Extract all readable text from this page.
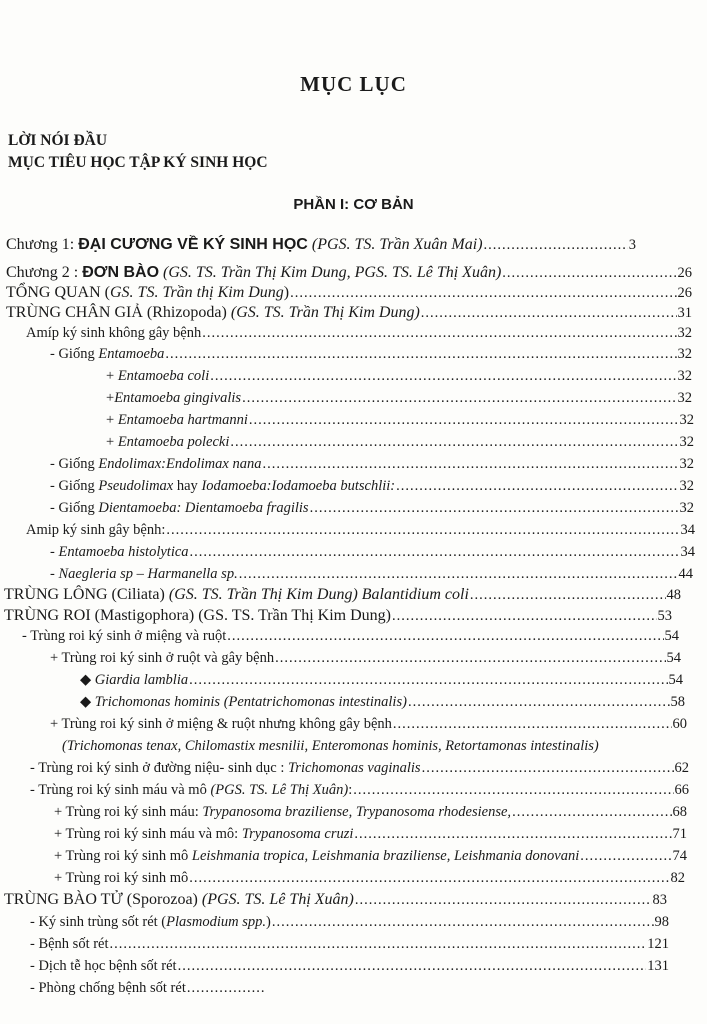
MỤC LỤC
LỜI NÓI ĐẦU
MỤC TIÊU HỌC TẬP KÝ SINH HỌC
PHẦN I: CƠ BẢN
Chương 1: ĐẠI CƯƠNG VỀ KÝ SINH HỌC (PGS. TS. Trần Xuân Mai) .....	3
Chương 2 : ĐƠN BÀO (GS. TS. Trần Thị Kim Dung, PGS. TS. Lê Thị Xuân) .....	26
TỔNG QUAN (GS. TS. Trần thị Kim Dung) .....	26
TRÙNG CHÂN GIẢ (Rhizopoda) (GS. TS. Trần Thị Kim Dung) .....	31
Amíp ký sinh không gây bệnh .....	32
- Giống Entamoeba .....	32
+ Entamoeba coli .....	32
+Entamoeba gingivalis .....	32
+ Entamoeba hartmanni .....	32
+ Entamoeba polecki .....	32
- Giống Endolimax:Endolimax nana .....	32
- Giống Pseudolimax hay Iodamoeba:Iodamoeba butschlii: .....	32
- Giống Dientamoeba: Dientamoeba fragilis .....	32
Amip ký sinh gây bệnh: .....	34
- Entamoeba histolytica .....	34
- Naegleria sp – Harmanella sp. .....	44
TRÙNG LÔNG (Ciliata) (GS. TS. Trần Thị Kim Dung) Balantidium coli .....	48
TRÙNG ROI (Mastigophora) (GS. TS. Trần Thị Kim Dung) .....	53
- Trùng roi ký sinh ở miệng và ruột .....	54
+ Trùng roi ký sinh ở ruột và gây bệnh .....	54
◆ Giardia lamblia .....	54
◆ Trichomonas hominis (Pentatrichomonas intestinalis) .....	58
+ Trùng roi ký sinh ở miệng & ruột nhưng không gây bệnh .....	60
(Trichomonas tenax, Chilomastix mesnilii, Enteromonas hominis, Retortamonas intestinalis)
- Trùng roi ký sinh ở đường niệu- sinh dục : Trichomonas vaginalis .....	62
- Trùng roi ký sinh máu và mô (PGS. TS. Lê Thị Xuân): .....	66
+ Trùng roi ký sinh máu: Trypanosoma braziliense, Trypanosoma rhodesiense, .....	68
+ Trùng roi ký sinh máu và mô: Trypanosoma cruzi .....	71
+ Trùng roi ký sinh mô Leishmania tropica, Leishmania braziliense, Leishmania donovani .....	74
+ Trùng roi ký sinh mô .....	82
TRÙNG BÀO TỬ (Sporozoa) (PGS. TS. Lê Thị Xuân) .....	83
- Ký sinh trùng sốt rét (Plasmodium spp.) .....	98
- Bệnh sốt rét .....	121
- Dịch tễ học bệnh sốt rét .....	131
- Phòng chống bệnh sốt rét
.....
